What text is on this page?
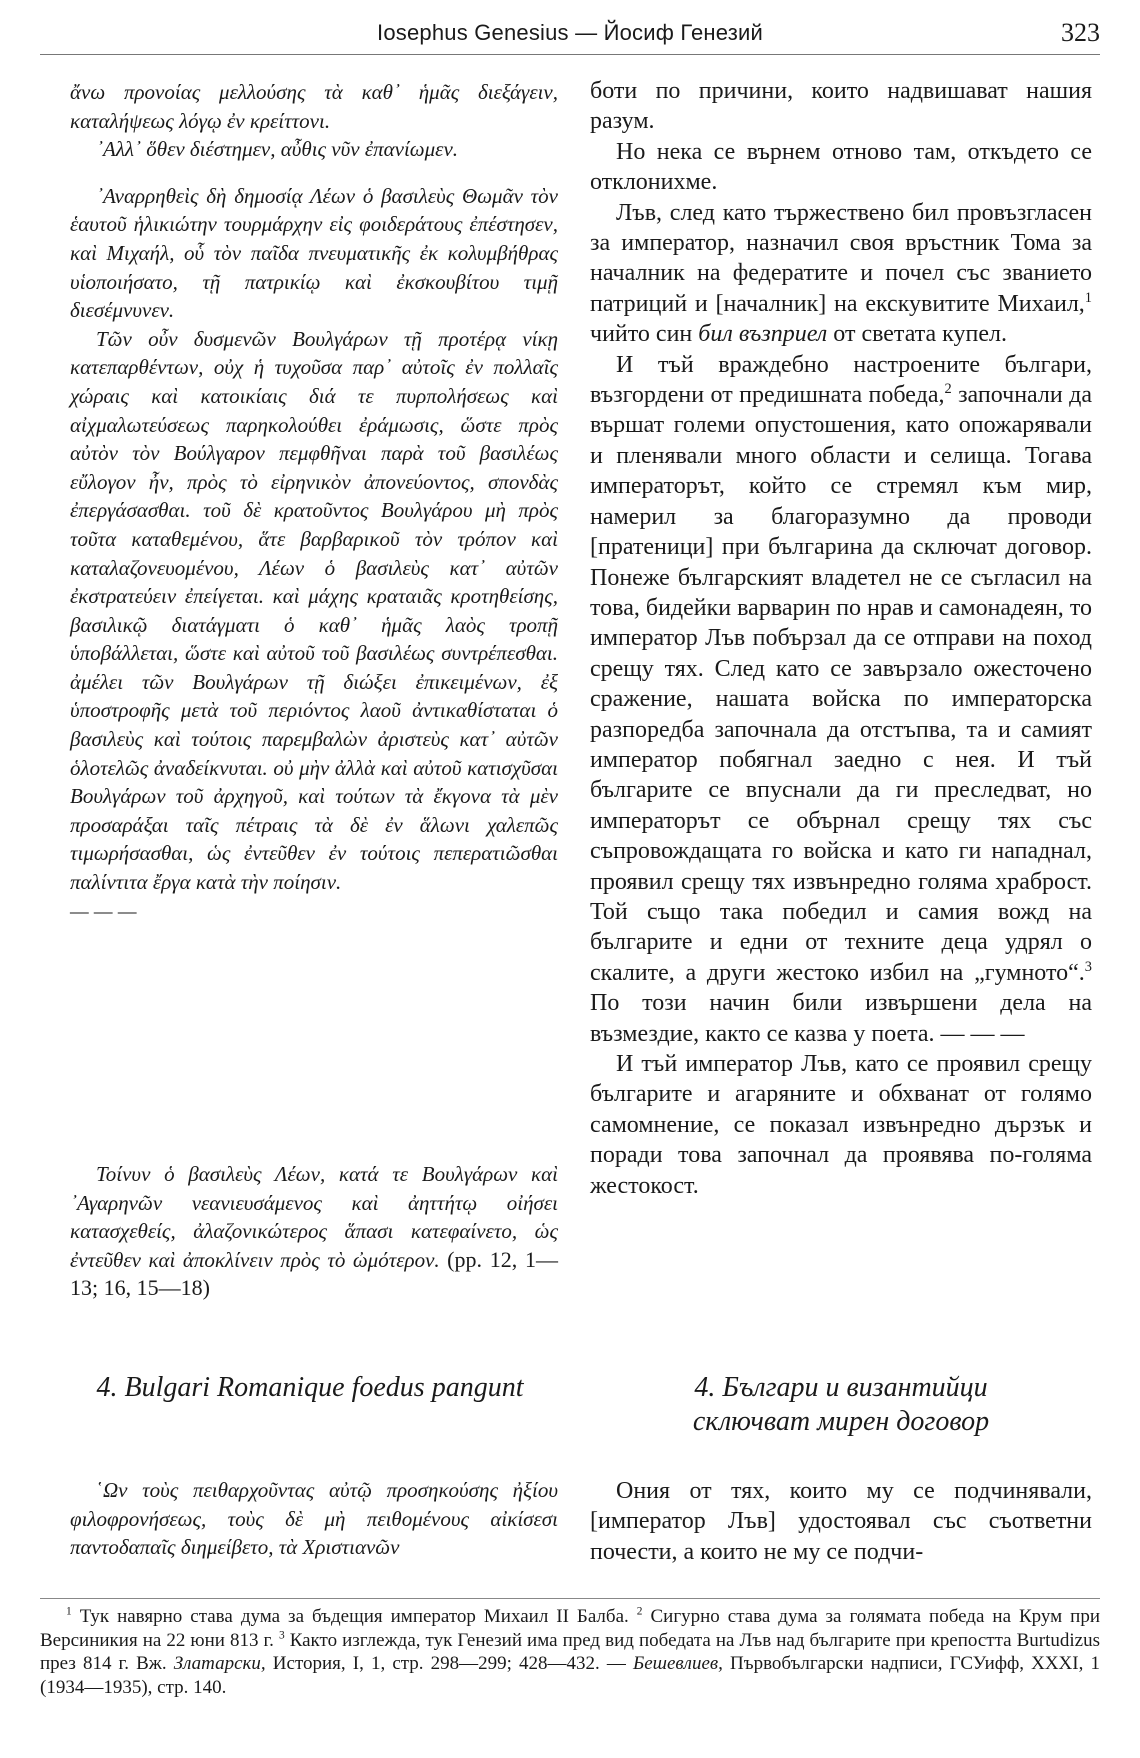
Iosephus Genesius — Йосиф Генезий	323

ἄνω προνοίας μελλούσης τὰ καθ᾽ ἡμᾶς διεξάγειν, καταλήψεως λόγῳ ἐν κρείττονι.

᾽Αλλ᾽ ὅθεν διέστημεν, αὖθις νῦν ἐπανίωμεν.

᾽Αναρρηθεὶς δὴ δημοσίᾳ Λέων ὁ βασιλεὺς Θωμᾶν τὸν ἑαυτοῦ ἡλικιώτην τουρμάρχην εἰς φοιδεράτους ἐπέστησεν, καὶ Μιχαήλ, οὗ τὸν παῖδα πνευματικῆς ἐκ κολυμβήθρας υἱοποιήσατο, τῇ πατρικίῳ καὶ ἐκσκουβίτου τιμῇ διεσέμνυνεν.

Τῶν οὖν δυσμενῶν Βουλγάρων τῇ προτέρᾳ νίκῃ κατεπαρθέντων, οὐχ ἡ τυχοῦσα παρ᾽ αὐτοῖς ἐν πολλαῖς χώραις καὶ κατοικίαις διά τε πυρπολήσεως καὶ αἰχμαλωτεύσεως παρηκολούθει ἐράμωσις, ὥστε πρὸς αὐτὸν τὸν Βούλγαρον πεμφθῆναι παρὰ τοῦ βασιλέως εὔλογον ἦν, πρὸς τὸ εἰρηνικὸν ἀπονεύοντος, σπονδὰς ἐπεργάσασθαι. τοῦ δὲ κρατοῦντος Βουλγάρου μὴ πρὸς τοῦτα καταθεμένου, ἅτε βαρβαρικοῦ τὸν τρόπον καὶ καταλαζονευομένου, Λέων ὁ βασιλεὺς κατ᾽ αὐτῶν ἐκστρατεύειν ἐπείγεται. καὶ μάχης κραταιᾶς κροτηθείσης, βασιλικῷ διατάγματι ὁ καθ᾽ ἡμᾶς λαὸς τροπῇ ὑποβάλλεται, ὥστε καὶ αὐτοῦ τοῦ βασιλέως συντρέπεσθαι. ἀμέλει τῶν Βουλγάρων τῇ διώξει ἐπικειμένων, ἐξ ὑποστροφῆς μετὰ τοῦ περιόντος λαοῦ ἀντικαθίσταται ὁ βασιλεὺς καὶ τούτοις παρεμβαλὼν ἀριστεὺς κατ᾽ αὐτῶν ὁλοτελῶς ἀναδείκνυται. οὐ μὴν ἀλλὰ καὶ αὐτοῦ κατισχῦσαι Βουλγάρων τοῦ ἀρχηγοῦ, καὶ τούτων τὰ ἔκγονα τὰ μὲν προσαράξαι ταῖς πέτραις τὰ δὲ ἐν ἅλωνι χαλεπῶς τιμωρήσασθαι, ὡς ἐντεῦθεν ἐν τούτοις πεπερατιῶσθαι παλίντιτα ἔργα κατὰ τὴν ποίησιν.

— — —

Τοίνυν ὁ βασιλεὺς Λέων, κατά τε Βουλγάρων καὶ ᾽Αγαρηνῶν νεανιευσάμενος καὶ ἀηττήτῳ οἰήσει κατασχεθείς, ἀλαζονικώτερος ἅπασι κατεφαίνετο, ὡς ἐντεῦθεν καὶ ἀποκλίνειν πρὸς τὸ ὠμότερον. (pp. 12, 1—13; 16, 15—18)

боти по причини, които надвишават нашия разум.

Но нека се върнем отново там, откъдето се отклонихме.

Лъв, след като тържествено бил провъзгласен за император, назначил своя връстник Тома за началник на федератите и почел със званието патриций и [началник] на екскувитите Михаил,$^1$ чийто син бил възприел от светата купел.

И тъй враждебно настроените българи, възгордени от предишната победа,$^2$ започнали да вършат големи опустошения, като опожарявали и пленявали много области и селища. Тогава императорът, който се стремял към мир, намерил за благоразумно да проводи [пратеници] при българина да сключат договор. Понеже българският владетел не се съгласил на това, бидейки варварин по нрав и самонадеян, то император Лъв побързал да се отправи на поход срещу тях. След като се завързало ожесточено сражение, нашата войска по императорска разпоредба започнала да отстъпва, та и самият император побягнал заедно с нея. И тъй българите се впуснали да ги преследват, но императорът се обърнал срещу тях със съпровождащата го войска и като ги нападнал, проявил срещу тях извънредно голяма храброст. Той също така победил и самия вожд на българите и едни от техните деца удрял о скалите, а други жестоко избил на „гумното“.$^3$ По този начин били извършени дела на възмездие, както се казва у поета. — — —

И тъй император Лъв, като се проявил срещу българите и агаряните и обхванат от голямо самомнение, се показал извънредно дързък и поради това започнал да проявява по-голяма жестокост.

4. Bulgari Romanique foedus pangunt	4. Българи и византийци
сключват мирен договор

῾Ων τοὺς πειθαρχοῦντας αὐτῷ προσηκούσης ἠξίου φιλοφρονήσεως, τοὺς δὲ μὴ πειθομένους αἰκίσεσι παντοδαπαῖς διημείβετο, τὰ Χριστιανῶν

Ония от тях, които му се подчинявали, [император Лъв] удостоявал със съответни почести, а които не му се подчи-

$^1$ Тук навярно става дума за бъдещия император Михаил II Балба. $^2$ Сигурно става дума за голямата победа на Крум при Версиникия на 22 юни 813 г. $^3$ Както изглежда, тук Генезий има пред вид победата на Лъв над българите при крепостта Burtudizus през 814 г. Вж. Златарски, История, I, 1, стр. 298—299; 428—432. — Бешевлиев, Първобългарски надписи, ГСУифф, XXXI, 1 (1934—1935), стр. 140.
